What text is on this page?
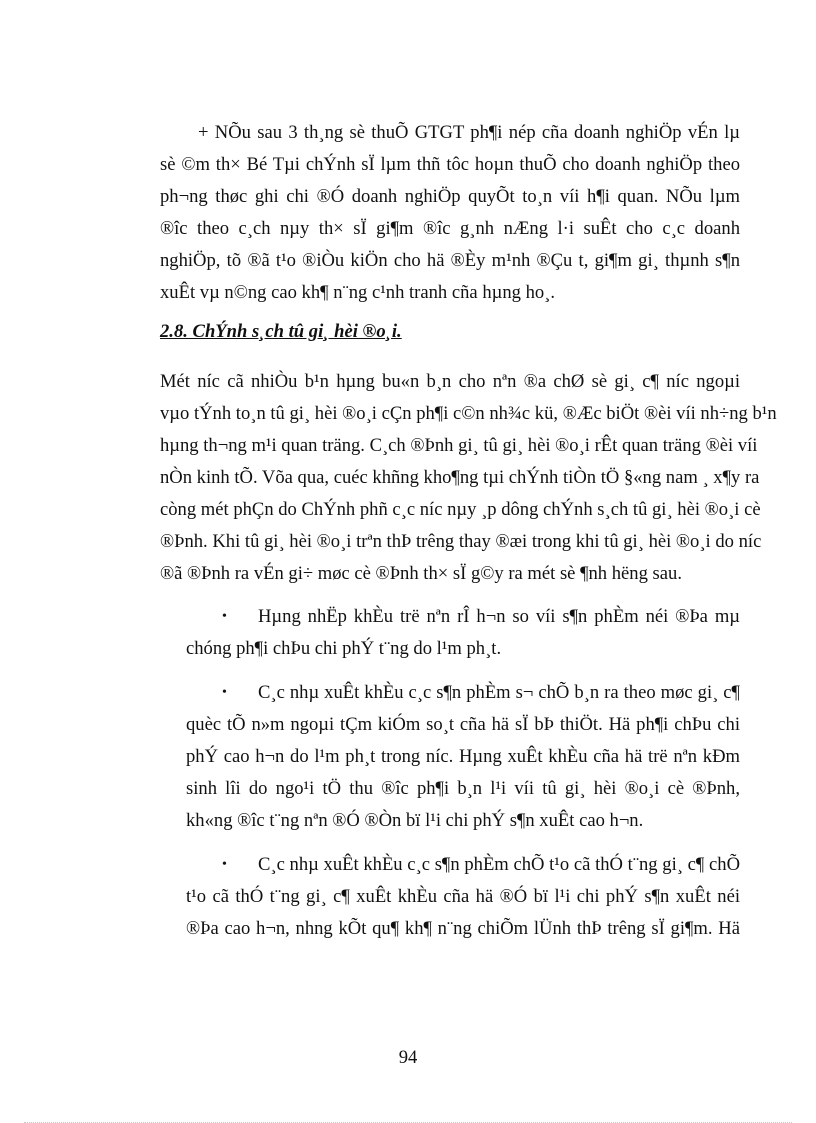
+ NÕu sau 3 th¸ng sè thuÕ GTGT ph¶i nép cña doanh nghiÖp vÉn lµ
sè ©m th× Bé Tµi chÝnh sÏ lµm thñ tôc hoµn thuÕ cho doanh nghiÖp theo
ph¬ng thøc ghi chi ®Ó doanh nghiÖp quyÕt to¸n víi h¶i quan. NÕu lµm
®îc theo c¸ch nµy th× sÏ gi¶m ®îc g¸nh nÆng l·i suÊt cho c¸c doanh
nghiÖp, tõ ®ã t¹o ®iÒu kiÖn cho hä ®Èy m¹nh ®Çu t, gi¶m gi¸ thµnh s¶n
xuÊt vµ n©ng cao kh¶ n¨ng c¹nh tranh cña hµng ho¸.
2.8. ChÝnh s¸ch tû gi¸ hèi ®o¸i.
Mét níc cã nhiÒu b¹n hµng bu«n b¸n cho nªn ®a chØ sè gi¸ c¶ níc ngoµi
vµo tÝnh to¸n tû gi¸ hèi ®o¸i cÇn ph¶i c©n nh¾c kü, ®Æc biÖt ®èi víi nh÷ng b¹n
hµng th¬ng m¹i quan träng. C¸ch ®Þnh gi¸ tû gi¸ hèi ®o¸i rÊt quan träng ®èi víi
nÒn kinh tÕ. Võa qua, cuéc khñng kho¶ng tµi chÝnh tiÒn tÖ §«ng nam ¸ x¶y ra
còng mét phÇn do ChÝnh phñ c¸c níc nµy ¸p dông chÝnh s¸ch tû gi¸ hèi ®o¸i cè
®Þnh. Khi tû gi¸ hèi ®o¸i trªn thÞ trêng thay ®æi trong khi tû gi¸ hèi ®o¸i do níc
®ã ®Þnh ra vÉn gi÷ møc cè ®Þnh th× sÏ g©y ra mét sè ¶nh hëng sau.
• Hµng nhËp khÈu trë nªn rÎ h¬n so víi s¶n phÈm néi ®Þa mµ
chóng ph¶i chÞu chi phÝ t¨ng do l¹m ph¸t.
• C¸c nhµ xuÊt khÈu c¸c s¶n phÈm s¬ chÕ b¸n ra theo møc gi¸ c¶
quèc tÕ n»m ngoµi tÇm kiÓm so¸t cña hä sÏ bÞ thiÖt. Hä ph¶i chÞu chi
phÝ cao h¬n do l¹m ph¸t trong níc. Hµng xuÊt khÈu cña hä trë nªn kÐm
sinh lîi do ngo¹i tÖ thu ®îc ph¶i b¸n l¹i víi tû gi¸ hèi ®o¸i cè ®Þnh,
kh«ng ®îc t¨ng nªn ®Ó ®Òn bï l¹i chi phÝ s¶n xuÊt cao h¬n.
• C¸c nhµ xuÊt khÈu c¸c s¶n phÈm chÕ t¹o cã thÓ t¨ng gi¸ c¶ chÕ
t¹o cã thÓ t¨ng gi¸ c¶ xuÊt khÈu cña hä ®Ó bï l¹i chi phÝ s¶n xuÊt néi
®Þa cao h¬n, nhng kÕt qu¶ kh¶ n¨ng chiÕm lÜnh thÞ trêng sÏ gi¶m. Hä
94
